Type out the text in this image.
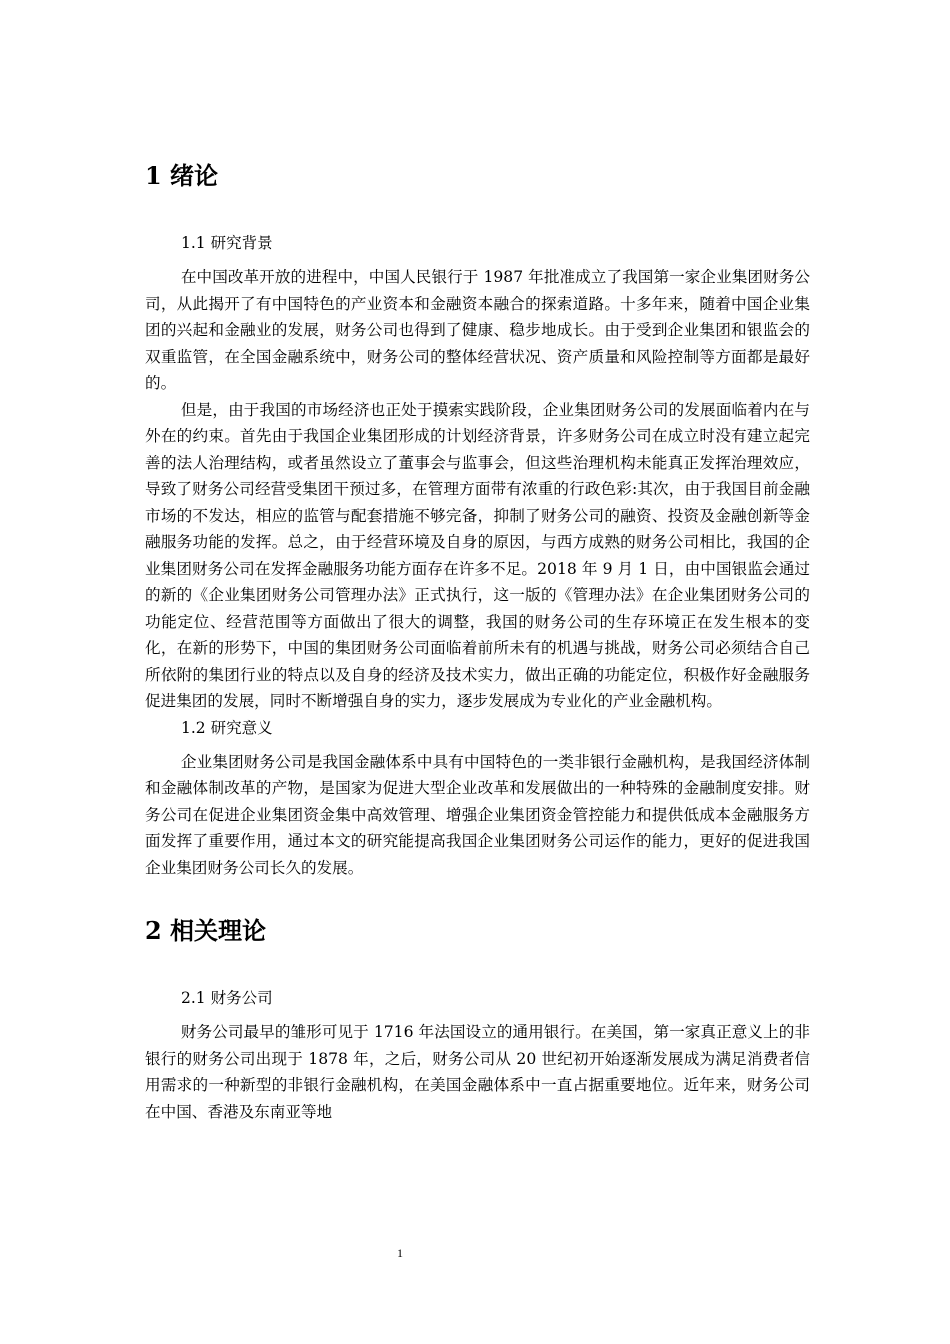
1 绪论
1.1 研究背景

在中国改革开放的进程中，中国人民银行于 1987 年批准成立了我国第一家企业集团财务公司，从此揭开了有中国特色的产业资本和金融资本融合的探索道路。十多年来，随着中国企业集团的兴起和金融业的发展，财务公司也得到了健康、稳步地成长。由于受到企业集团和银监会的双重监管，在全国金融系统中，财务公司的整体经营状况、资产质量和风险控制等方面都是最好的。

但是，由于我国的市场经济也正处于摸索实践阶段，企业集团财务公司的发展面临着内在与外在的约束。首先由于我国企业集团形成的计划经济背景，许多财务公司在成立时没有建立起完善的法人治理结构，或者虽然设立了董事会与监事会，但这些治理机构未能真正发挥治理效应，导致了财务公司经营受集团干预过多，在管理方面带有浓重的行政色彩:其次，由于我国目前金融市场的不发达，相应的监管与配套措施不够完备，抑制了财务公司的融资、投资及金融创新等金融服务功能的发挥。总之，由于经营环境及自身的原因，与西方成熟的财务公司相比，我国的企业集团财务公司在发挥金融服务功能方面存在许多不足。2018 年 9 月 1 日，由中国银监会通过的新的《企业集团财务公司管理办法》正式执行，这一版的《管理办法》在企业集团财务公司的功能定位、经营范围等方面做出了很大的调整，我国的财务公司的生存环境正在发生根本的变化，在新的形势下，中国的集团财务公司面临着前所未有的机遇与挑战，财务公司必须结合自己所依附的集团行业的特点以及自身的经济及技术实力，做出正确的功能定位，积极作好金融服务促进集团的发展，同时不断增强自身的实力，逐步发展成为专业化的产业金融机构。

1.2 研究意义

企业集团财务公司是我国金融体系中具有中国特色的一类非银行金融机构，是我国经济体制和金融体制改革的产物，是国家为促进大型企业改革和发展做出的一种特殊的金融制度安排。财务公司在促进企业集团资金集中高效管理、增强企业集团资金管控能力和提供低成本金融服务方面发挥了重要作用，通过本文的研究能提高我国企业集团财务公司运作的能力，更好的促进我国企业集团财务公司长久的发展。

2 相关理论
2.1 财务公司

财务公司最早的雏形可见于 1716 年法国设立的通用银行。在美国，第一家真正意义上的非银行的财务公司出现于 1878 年，之后，财务公司从 20 世纪初开始逐渐发展成为满足消费者信用需求的一种新型的非银行金融机构，在美国金融体系中一直占据重要地位。近年来，财务公司在中国、香港及东南亚等地

1
